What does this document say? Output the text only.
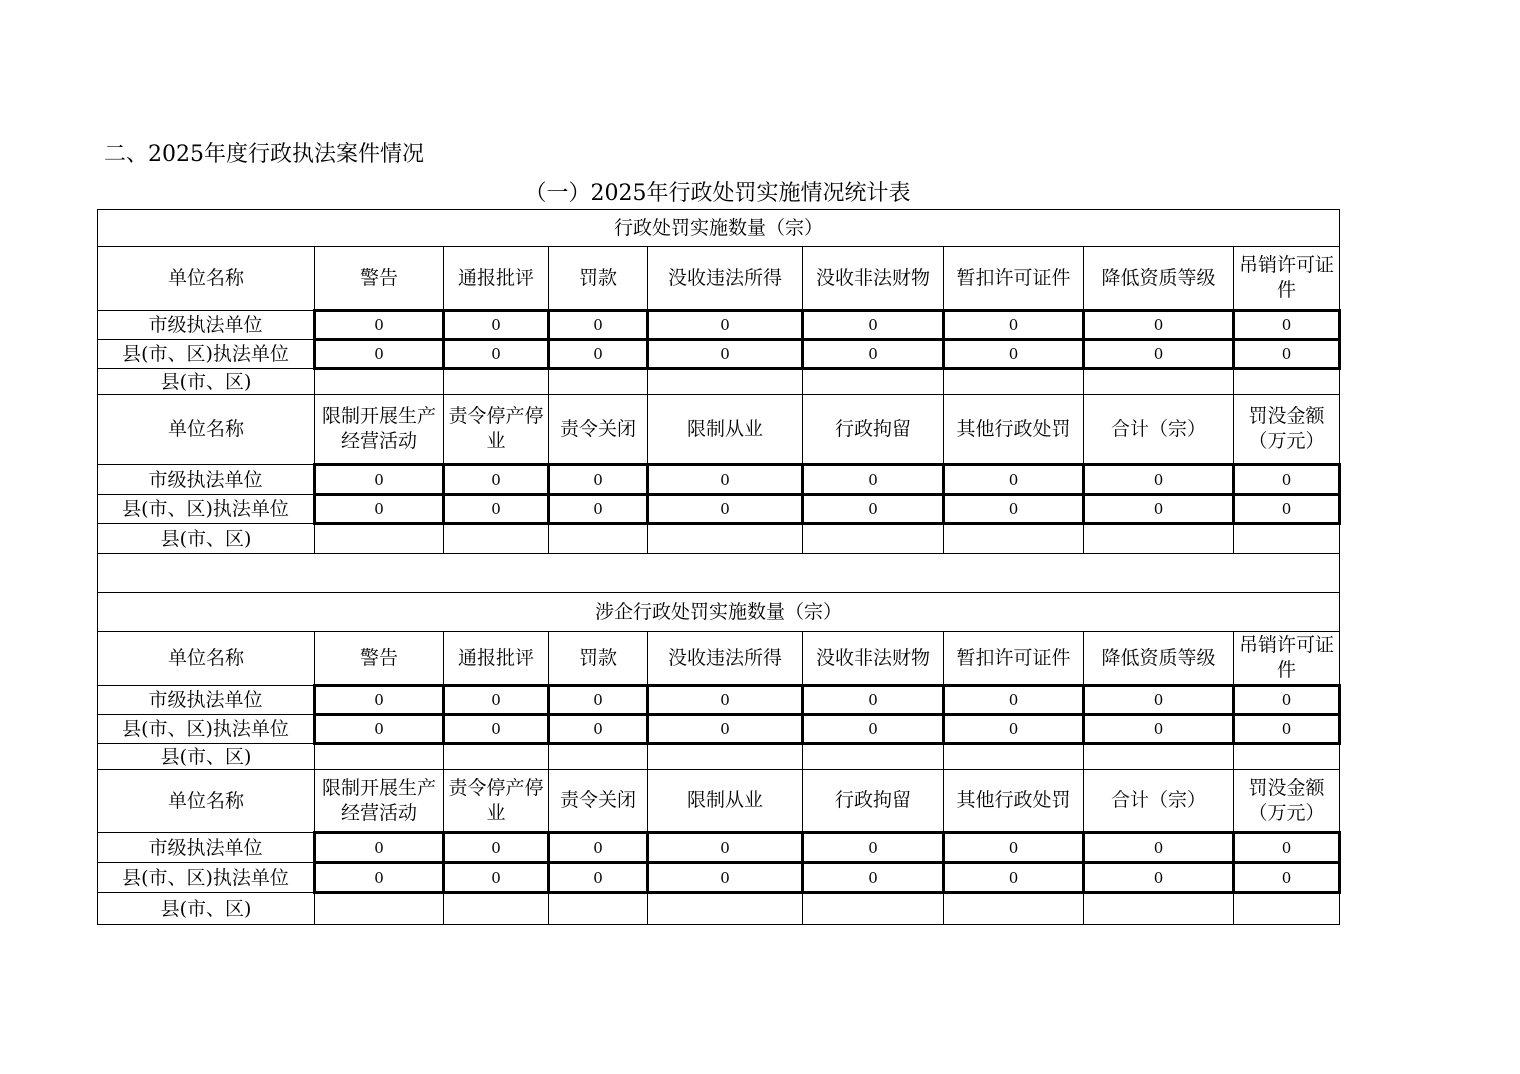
二、2025年度行政执法案件情况
（一）2025年行政处罚实施情况统计表
行政处罚实施数量（宗）								
单位名称	警告	通报批评	罚款	没收违法所得	没收非法财物	暂扣许可证件	降低资质等级	吊销许可证件
市级执法单位	0	0	0	0	0	0	0	0
县(市、区)执法单位	0	0	0	0	0	0	0	0
县(市、区)								
单位名称	限制开展生产经营活动	责令停产停业	责令关闭	限制从业	行政拘留	其他行政处罚	合计（宗）	罚没金额（万元）
市级执法单位	0	0	0	0	0	0	0	0
县(市、区)执法单位	0	0	0	0	0	0	0	0
县(市、区)								

涉企行政处罚实施数量（宗）								
单位名称	警告	通报批评	罚款	没收违法所得	没收非法财物	暂扣许可证件	降低资质等级	吊销许可证件
市级执法单位	0	0	0	0	0	0	0	0
县(市、区)执法单位	0	0	0	0	0	0	0	0
县(市、区)								
单位名称	限制开展生产经营活动	责令停产停业	责令关闭	限制从业	行政拘留	其他行政处罚	合计（宗）	罚没金额（万元）
市级执法单位	0	0	0	0	0	0	0	0
县(市、区)执法单位	0	0	0	0	0	0	0	0
县(市、区)								
